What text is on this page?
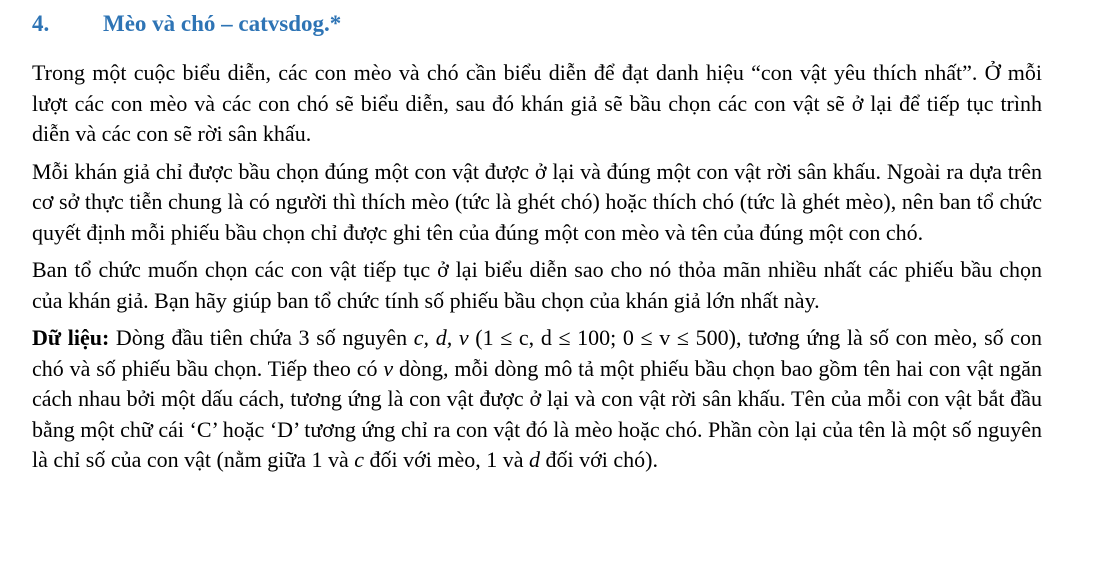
4. Mèo và chó – catvsdog.*

Trong một cuộc biểu diễn, các con mèo và chó cần biểu diễn để đạt danh hiệu “con vật yêu thích nhất”. Ở mỗi lượt các con mèo và các con chó sẽ biểu diễn, sau đó khán giả sẽ bầu chọn các con vật sẽ ở lại để tiếp tục trình diễn và các con sẽ rời sân khấu.

Mỗi khán giả chỉ được bầu chọn đúng một con vật được ở lại và đúng một con vật rời sân khấu. Ngoài ra dựa trên cơ sở thực tiễn chung là có người thì thích mèo (tức là ghét chó) hoặc thích chó (tức là ghét mèo), nên ban tổ chức quyết định mỗi phiếu bầu chọn chỉ được ghi tên của đúng một con mèo và tên của đúng một con chó.

Ban tổ chức muốn chọn các con vật tiếp tục ở lại biểu diễn sao cho nó thỏa mãn nhiều nhất các phiếu bầu chọn của khán giả. Bạn hãy giúp ban tổ chức tính số phiếu bầu chọn của khán giả lớn nhất này.

Dữ liệu: Dòng đầu tiên chứa 3 số nguyên c, d, v (1 ≤ c, d ≤ 100; 0 ≤ v ≤ 500), tương ứng là số con mèo, số con chó và số phiếu bầu chọn. Tiếp theo có v dòng, mỗi dòng mô tả một phiếu bầu chọn bao gồm tên hai con vật ngăn cách nhau bởi một dấu cách, tương ứng là con vật được ở lại và con vật rời sân khấu. Tên của mỗi con vật bắt đầu bằng một chữ cái ‘C’ hoặc ‘D’ tương ứng chỉ ra con vật đó là mèo hoặc chó. Phần còn lại của tên là một số nguyên là chỉ số của con vật (nằm giữa 1 và c đối với mèo, 1 và d đối với chó).
